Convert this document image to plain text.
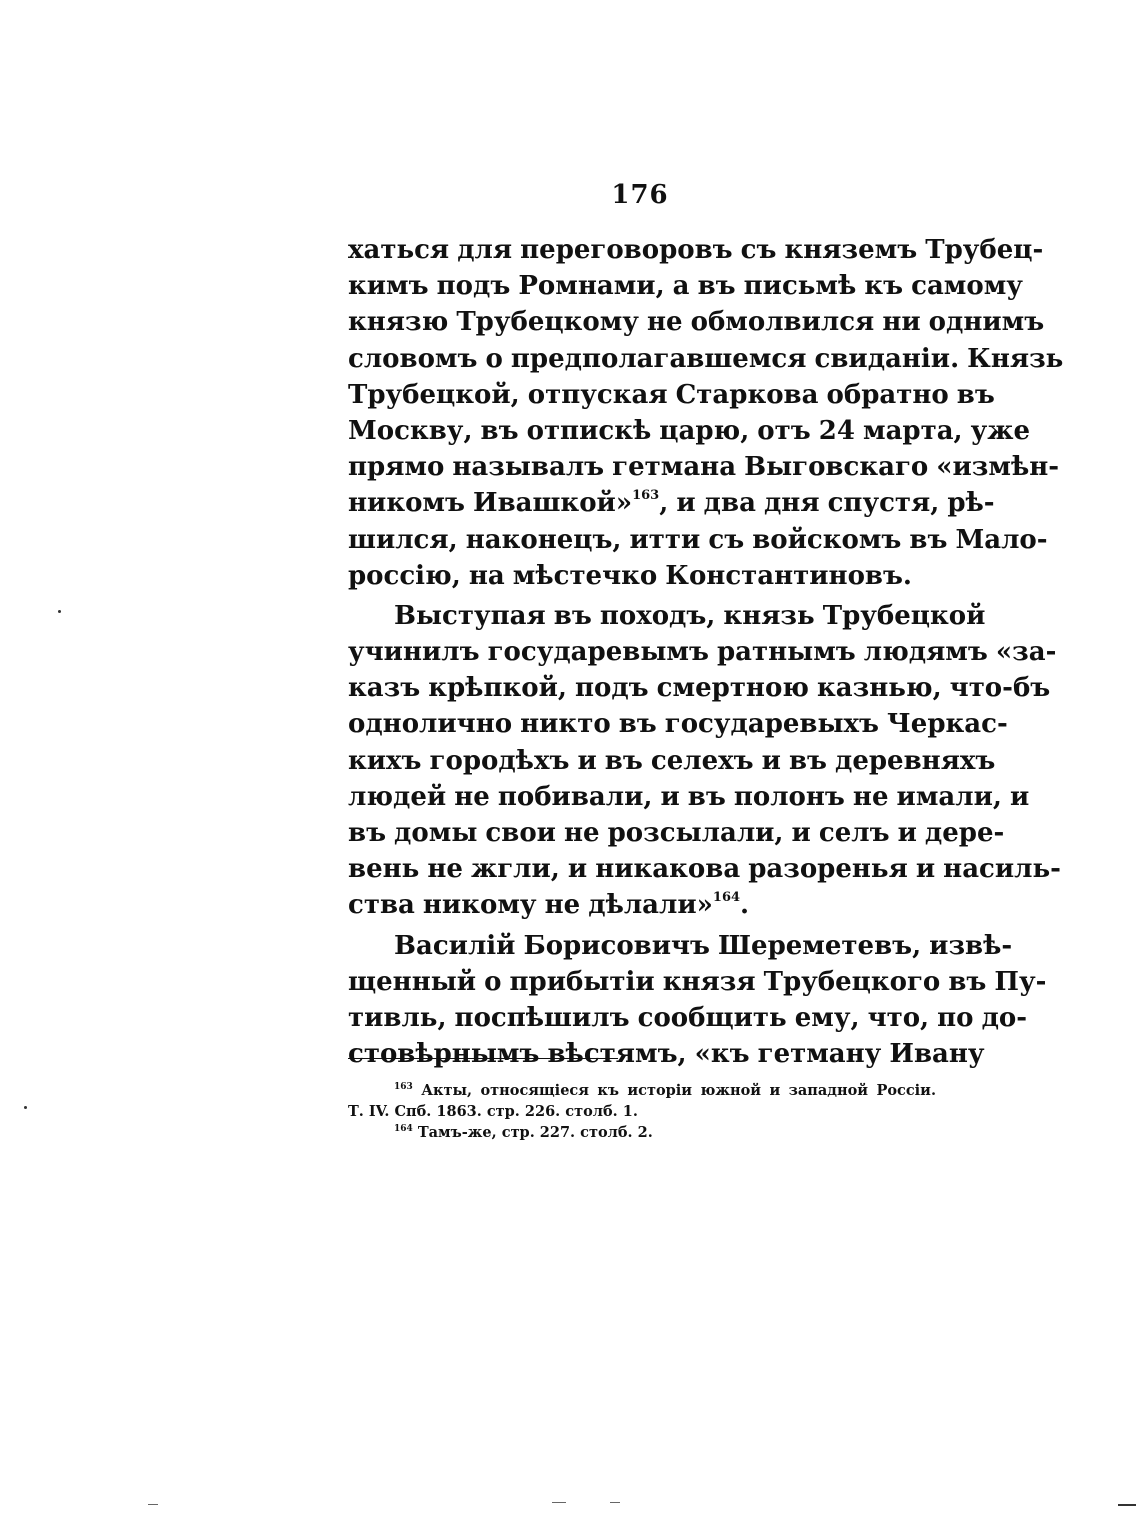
176
хаться для переговоровъ съ княземъ Трубец-
кимъ подъ Ромнами, а въ письмѣ къ самому
князю Трубецкому не обмолвился ни однимъ
словомъ о предполагавшемся свиданіи. Князь
Трубецкой, отпуская Старкова обратно въ
Москву, въ отпискѣ царю, отъ 24 марта, уже
прямо называлъ гетмана Выговскаго «измѣн-
никомъ Ивашкой»$^{163}$, и два дня спустя, рѣ-
шился, наконецъ, итти съ войскомъ въ Мало-
россію, на мѣстечко Константиновъ.
Выступая въ походъ, князь Трубецкой
учинилъ государевымъ ратнымъ людямъ «за-
казъ крѣпкой, подъ смертною казнью, что-бъ
однолично никто въ государевыхъ Черкас-
кихъ городѣхъ и въ селехъ и въ деревняхъ
людей не побивали, и въ полонъ не имали, и
въ домы свои не розсылали, и селъ и дере-
вень не жгли, и никакова разоренья и насиль-
ства никому не дѣлали»$^{164}$.
Василій Борисовичъ Шереметевъ, извѣ-
щенный о прибытіи князя Трубецкого въ Пу-
тивль, поспѣшилъ сообщить ему, что, по до-
стовѣрнымъ вѣстямъ, «къ гетману Ивану
$^{163}$ Акты, относящіеся къ исторіи южной и западной Россіи.
Т. IV. Спб. 1863. стр. 226. столб. 1.
$^{164}$ Тамъ-же, стр. 227. столб. 2.
